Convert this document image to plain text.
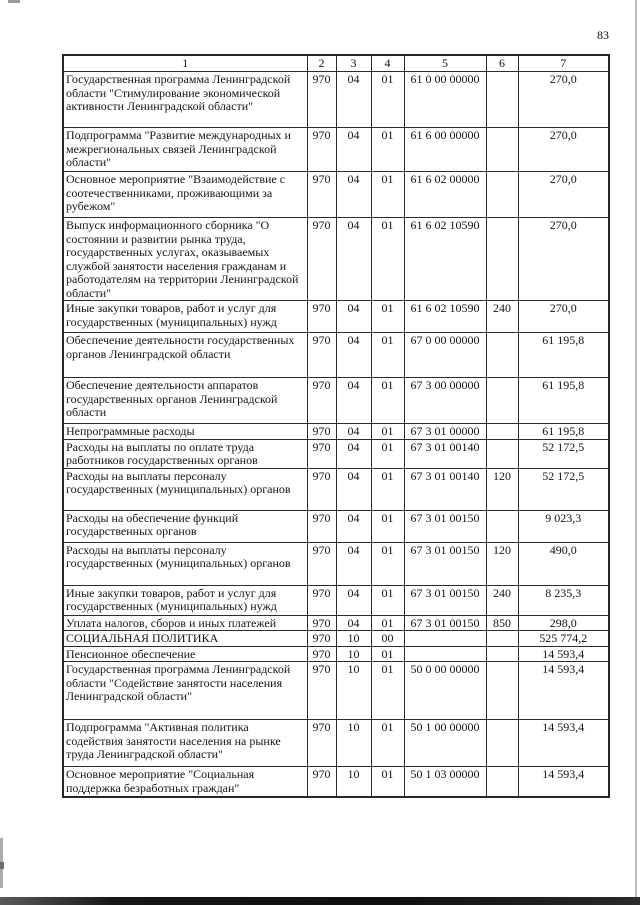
83
1	2	3	4	5	6	7
Государственная программа Ленинградской области "Стимулирование экономической активности Ленинградской области"	970	04	01	61 0 00 00000		270,0
Подпрограмма "Развитие международных и межрегиональных связей Ленинградской области"	970	04	01	61 6 00 00000		270,0
Основное мероприятие "Взаимодействие с соотечественниками, проживающими за рубежом"	970	04	01	61 6 02 00000		270,0
Выпуск информационного сборника "О состоянии и развитии рынка труда, государственных услугах, оказываемых службой занятости населения гражданам и работодателям на территории Ленинградской области"	970	04	01	61 6 02 10590		270,0
Иные закупки товаров, работ и услуг для государственных (муниципальных) нужд	970	04	01	61 6 02 10590	240	270,0
Обеспечение деятельности государственных органов Ленинградской области	970	04	01	67 0 00 00000		61 195,8
Обеспечение деятельности аппаратов государственных органов Ленинградской области	970	04	01	67 3 00 00000		61 195,8
Непрограммные расходы	970	04	01	67 3 01 00000		61 195,8
Расходы на выплаты по оплате труда работников государственных органов	970	04	01	67 3 01 00140		52 172,5
Расходы на выплаты персоналу государственных (муниципальных) органов	970	04	01	67 3 01 00140	120	52 172,5
Расходы на обеспечение функций государственных органов	970	04	01	67 3 01 00150		9 023,3
Расходы на выплаты персоналу государственных (муниципальных) органов	970	04	01	67 3 01 00150	120	490,0
Иные закупки товаров, работ и услуг для государственных (муниципальных) нужд	970	04	01	67 3 01 00150	240	8 235,3
Уплата налогов, сборов и иных платежей	970	04	01	67 3 01 00150	850	298,0
СОЦИАЛЬНАЯ ПОЛИТИКА	970	10	00			525 774,2
Пенсионное обеспечение	970	10	01			14 593,4
Государственная программа Ленинградской области "Содействие занятости населения Ленинградской области"	970	10	01	50 0 00 00000		14 593,4
Подпрограмма "Активная политика содействия занятости населения на рынке труда Ленинградской области"	970	10	01	50 1 00 00000		14 593,4
Основное мероприятие "Социальная поддержка безработных граждан"	970	10	01	50 1 03 00000		14 593,4
